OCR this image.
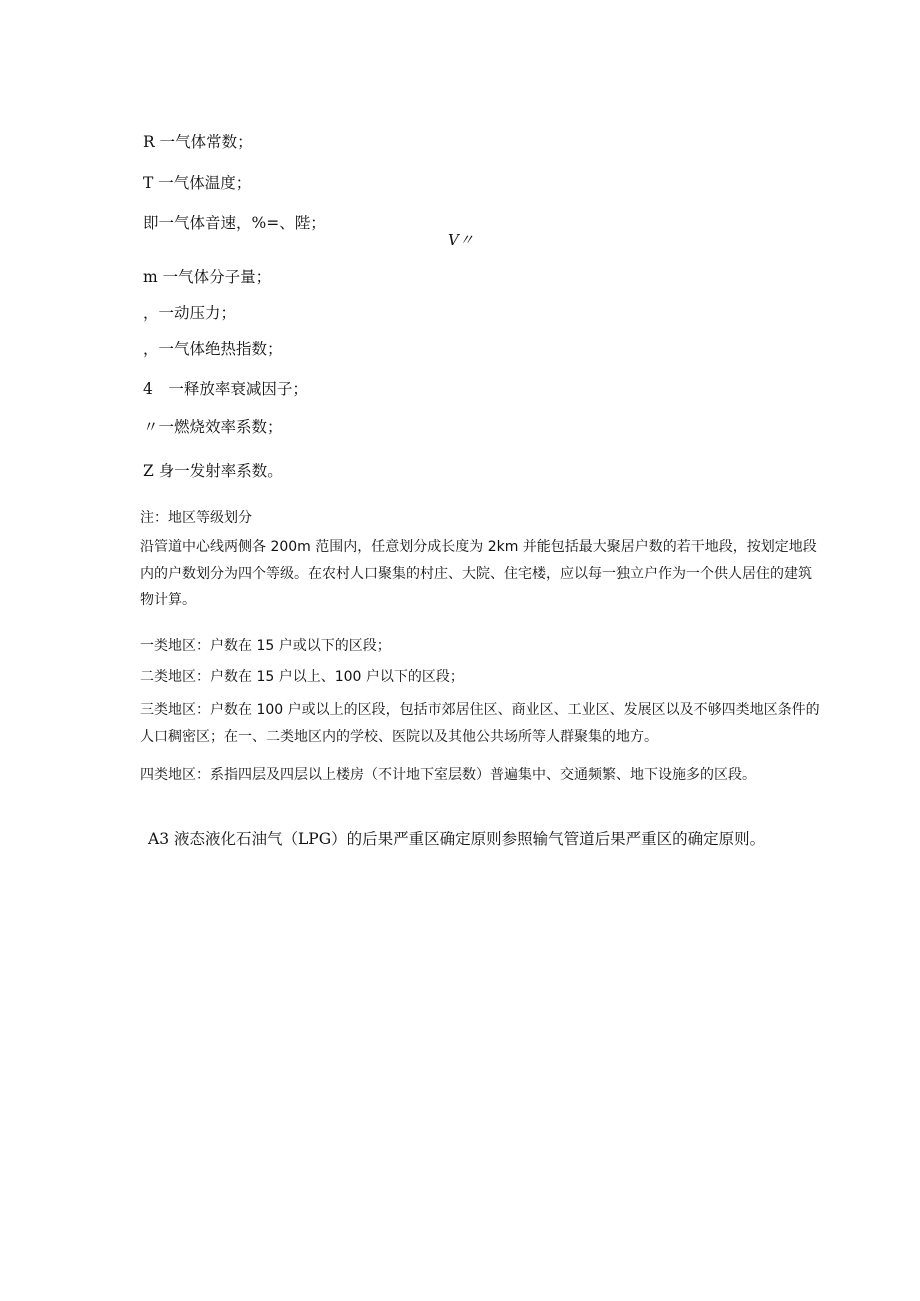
R 一气体常数；
T 一气体温度；
即一气体音速，%=、陛；
V〃
m 一气体分子量；
，一动压力；
，一气体绝热指数；
4　一释放率衰减因子；
〃一燃烧效率系数；
Z 身一发射率系数。
注：地区等级划分
沿管道中心线两侧各 200m 范围内，任意划分成长度为 2km 并能包括最大聚居户数的若干地段，按划定地段内的户数划分为四个等级。在农村人口聚集的村庄、大院、住宅楼，应以每一独立户作为一个供人居住的建筑物计算。
一类地区：户数在 15 户或以下的区段；
二类地区：户数在 15 户以上、100 户以下的区段；
三类地区：户数在 100 户或以上的区段，包括市郊居住区、商业区、工业区、发展区以及不够四类地区条件的人口稠密区；在一、二类地区内的学校、医院以及其他公共场所等人群聚集的地方。
四类地区：系指四层及四层以上楼房（不计地下室层数）普遍集中、交通频繁、地下设施多的区段。
A3 液态液化石油气（LPG）的后果严重区确定原则参照输气管道后果严重区的确定原则。
